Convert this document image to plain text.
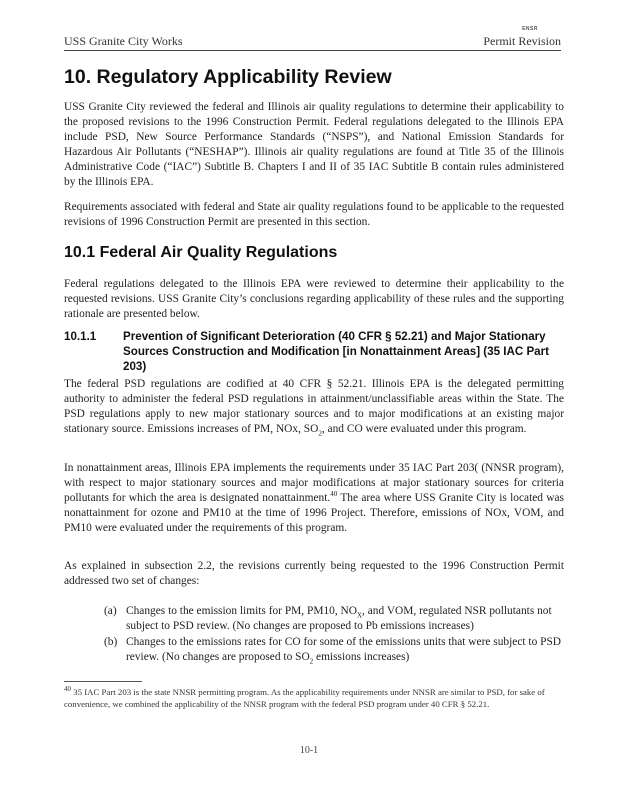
USS Granite City Works
ENSR
Permit Revision
10. Regulatory Applicability Review

USS Granite City reviewed the federal and Illinois air quality regulations to determine their applicability to the proposed revisions to the 1996 Construction Permit. Federal regulations delegated to the Illinois EPA include PSD, New Source Performance Standards (“NSPS”), and National Emission Standards for Hazardous Air Pollutants (“NESHAP”). Illinois air quality regulations are found at Title 35 of the Illinois Administrative Code (“IAC”) Subtitle B. Chapters I and II of 35 IAC Subtitle B contain rules administered by the Illinois EPA.

Requirements associated with federal and State air quality regulations found to be applicable to the requested revisions of 1996 Construction Permit are presented in this section.

10.1 Federal Air Quality Regulations

Federal regulations delegated to the Illinois EPA were reviewed to determine their applicability to the requested revisions. USS Granite City’s conclusions regarding applicability of these rules and the supporting rationale are presented below.

10.1.1 Prevention of Significant Deterioration (40 CFR § 52.21) and Major Stationary Sources Construction and Modification [in Nonattainment Areas] (35 IAC Part 203)

The federal PSD regulations are codified at 40 CFR § 52.21. Illinois EPA is the delegated permitting authority to administer the federal PSD regulations in attainment/unclassifiable areas within the State. The PSD regulations apply to new major stationary sources and to major modifications at an existing major stationary source. Emissions increases of PM, NOx, $SO_2$, and CO were evaluated under this program.

In nonattainment areas, Illinois EPA implements the requirements under 35 IAC Part 203( (NNSR program), with respect to major stationary sources and major modifications at major stationary sources for criteria pollutants for which the area is designated nonattainment.$^{40}$ The area where USS Granite City is located was nonattainment for ozone and PM10 at the time of 1996 Project. Therefore, emissions of NOx, VOM, and PM10 were evaluated under the requirements of this program.

As explained in subsection 2.2, the revisions currently being requested to the 1996 Construction Permit addressed two set of changes:

(a) Changes to the emission limits for PM, PM10, $NO_X$, and VOM, regulated NSR pollutants not subject to PSD review. (No changes are proposed to Pb emissions increases)
(b) Changes to the emissions rates for CO for some of the emissions units that were subject to PSD review. (No changes are proposed to $SO_2$ emissions increases)

$^{40}$ 35 IAC Part 203 is the state NNSR permitting program. As the applicability requirements under NNSR are similar to PSD, for sake of convenience, we combined the applicability of the NNSR program with the federal PSD program under 40 CFR § 52.21.

10-1
